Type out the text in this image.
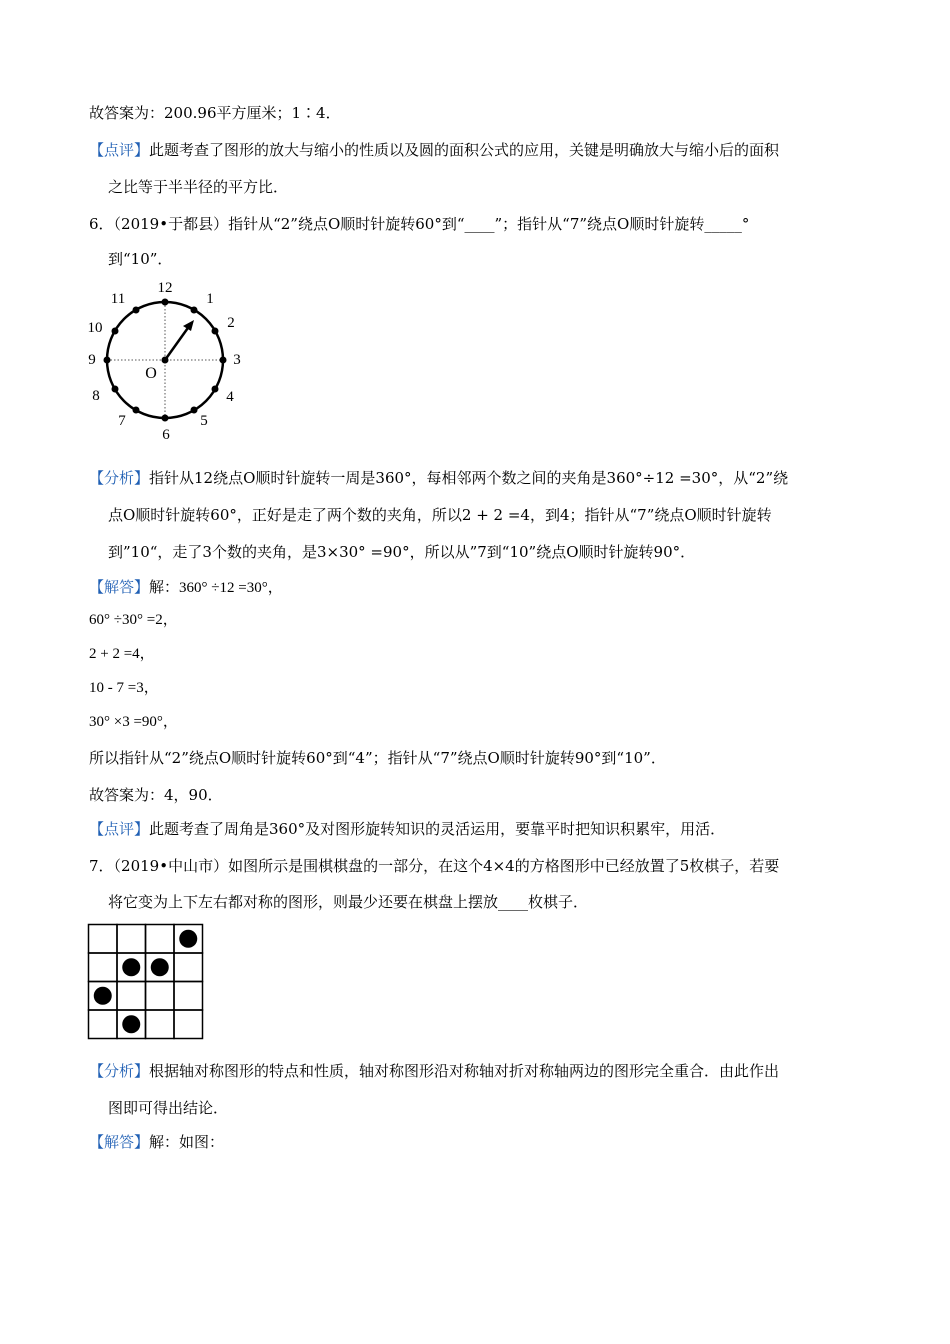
故答案为：200.96平方厘米；1∶4．
【点评】此题考查了图形的放大与缩小的性质以及圆的面积公式的应用，关键是明确放大与缩小后的面积
之比等于半半径的平方比．
6．（2019•于都县）指针从“2”绕点O顺时针旋转60°到“____”；指针从“7”绕点O顺时针旋转_____°
到“10”．
12
1
2
3
4
5
6
7
8
9
10
11
O
【分析】指针从12绕点O顺时针旋转一周是360°，每相邻两个数之间的夹角是360°÷12 =30°，从“2”绕
点O顺时针旋转60°，正好是走了两个数的夹角，所以2 + 2 =4，到4；指针从“7”绕点O顺时针旋转
到”10“，走了3个数的夹角，是3×30° =90°，所以从”7到“10”绕点O顺时针旋转90°．
【解答】解：360° ÷12 =30°，
60° ÷30° =2，
2 + 2 =4，
10 - 7 =3，
30° ×3 =90°，
所以指针从“2”绕点O顺时针旋转60°到“4”；指针从“7”绕点O顺时针旋转90°到“10”．
故答案为：4，90．
【点评】此题考查了周角是360°及对图形旋转知识的灵活运用，要靠平时把知识积累牢，用活．
7．（2019•中山市）如图所示是围棋棋盘的一部分，在这个4×4的方格图形中已经放置了5枚棋子，若要
将它变为上下左右都对称的图形，则最少还要在棋盘上摆放____枚棋子．
【分析】根据轴对称图形的特点和性质，轴对称图形沿对称轴对折对称轴两边的图形完全重合．由此作出
图即可得出结论．
【解答】解：如图：
